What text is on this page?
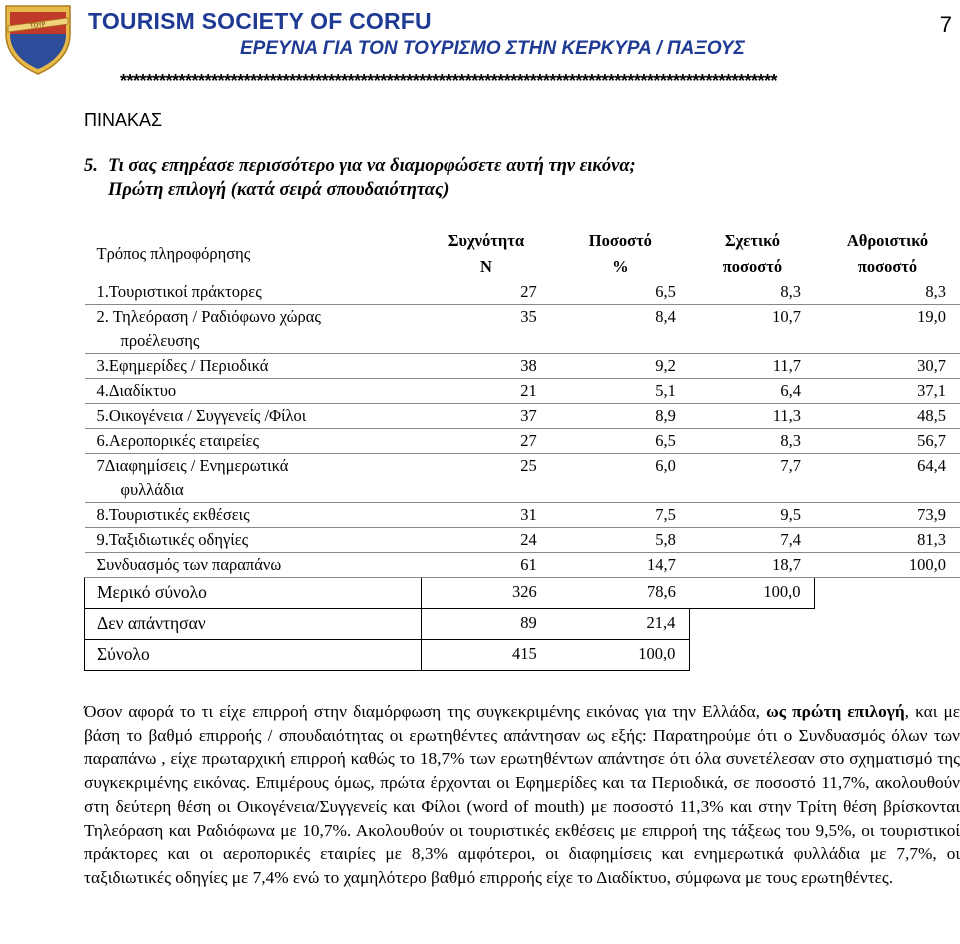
ΤΟΥΡ TOURISM SOCIETY OF CORFU
ΕΡΕΥΝΑ ΓΙΑ ΤΟΝ ΤΟΥΡΙΣΜΟ ΣΤΗΝ ΚΕΡΚΥΡΑ / ΠΑΞΟΥΣ
7
*****************************************************************************************************
ΠΙΝΑΚΑΣ
5. Τι σας επηρέασε περισσότερο για να διαμορφώσετε αυτή την εικόνα;
Πρώτη επιλογή (κατά σειρά σπουδαιότητας)
Τρόπος πληροφόρησης	Συχνότητα Ν	Ποσοστό %	Σχετικό ποσοστό	Αθροιστικό ποσοστό

1.Τουριστικοί πράκτορες	27	6,5	8,3	8,3

2. Τηλεόραση / Ραδιόφωνο χώρας
προέλευσης	35	8,4	10,7	19,0

3.Εφημερίδες / Περιοδικά	38	9,2	11,7	30,7

4.Διαδίκτυο	21	5,1	6,4	37,1

5.Οικογένεια / Συγγενείς /Φίλοι	37	8,9	11,3	48,5

6.Αεροπορικές εταιρείες	27	6,5	8,3	56,7

7Διαφημίσεις / Ενημερωτικά
φυλλάδια	25	6,0	7,7	64,4

8.Τουριστικές εκθέσεις	31	7,5	9,5	73,9

9.Ταξιδιωτικές οδηγίες	24	5,8	7,4	81,3

Συνδυασμός των παραπάνω	61	14,7	18,7	100,0
Μερικό σύνολο	326	78,6	100,0	
Δεν απάντησαν	89	21,4		
Σύνολο	415	100,0		
Όσον αφορά το τι είχε επιρροή στην διαμόρφωση της συγκεκριμένης εικόνας για την Ελλάδα, ως πρώτη επιλογή, και με βάση το βαθμό επιρροής / σπουδαιότητας οι ερωτηθέντες απάντησαν ως εξής: Παρατηρούμε ότι ο Συνδυασμός όλων των παραπάνω , είχε πρωταρχική επιρροή καθώς το 18,7% των ερωτηθέντων απάντησε ότι όλα συνετέλεσαν στο σχηματισμό της συγκεκριμένης εικόνας. Επιμέρους όμως, πρώτα έρχονται οι Εφημερίδες και τα Περιοδικά, σε ποσοστό 11,7%, ακολουθούν στη δεύτερη θέση οι Οικογένεια/Συγγενείς και Φίλοι (word of mouth) με ποσοστό 11,3% και στην Τρίτη θέση βρίσκονται Τηλεόραση και Ραδιόφωνα με 10,7%. Ακολουθούν οι τουριστικές εκθέσεις με επιρροή της τάξεως του 9,5%, οι τουριστικοί πράκτορες και οι αεροπορικές εταιρίες με 8,3% αμφότεροι, οι διαφημίσεις και ενημερωτικά φυλλάδια με 7,7%, οι ταξιδιωτικές οδηγίες με 7,4% ενώ το χαμηλότερο βαθμό επιρροής είχε το Διαδίκτυο, σύμφωνα με τους ερωτηθέντες.
